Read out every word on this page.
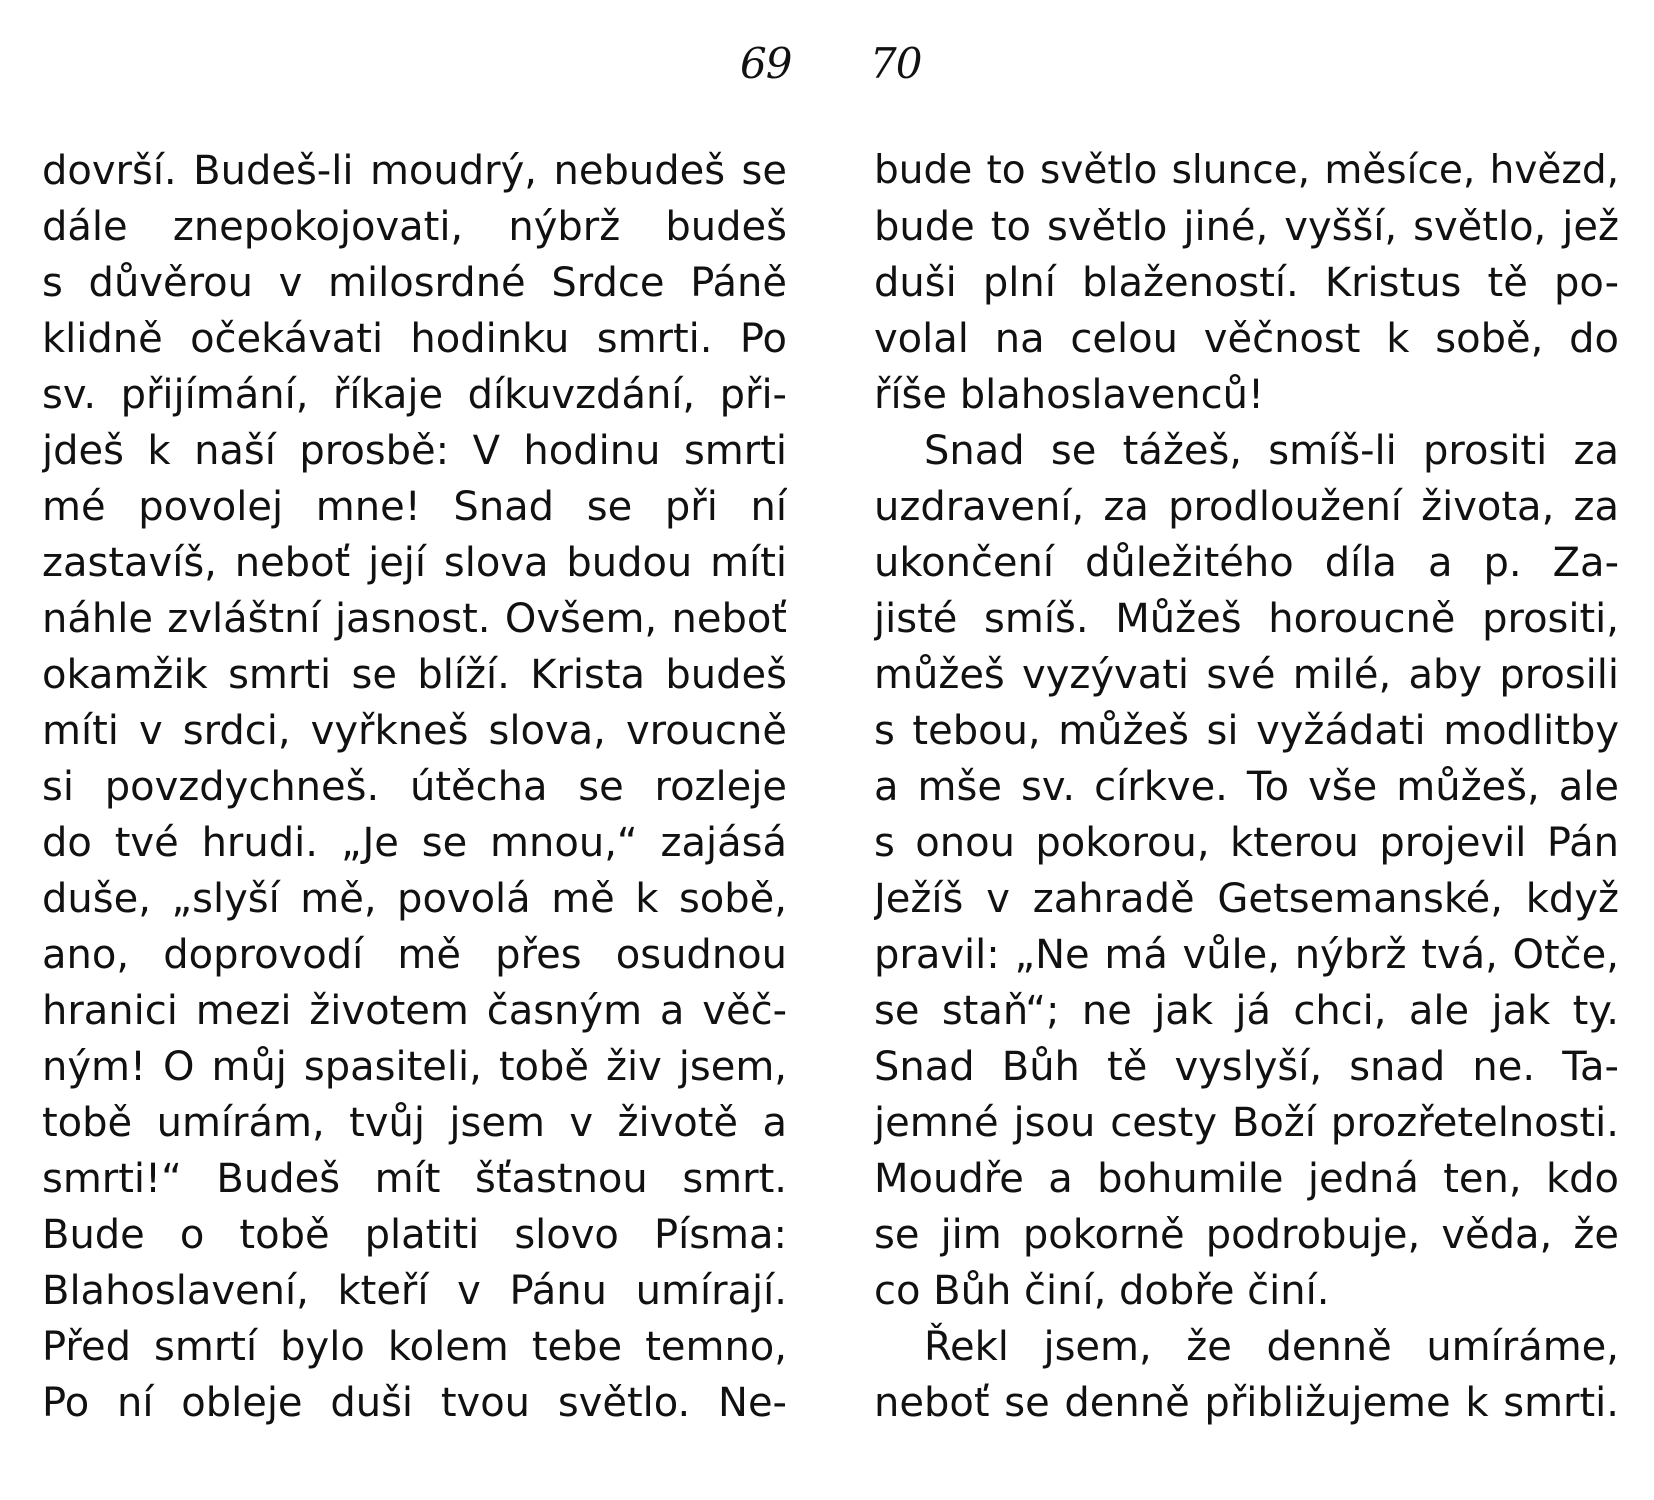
69 70
dovrší. Budeš-li moudrý, nebudeš se
dále znepokojovati, nýbrž budeš
s důvěrou v milosrdné Srdce Páně
klidně očekávati hodinku smrti. Po
sv. přijímání, říkaje díkuvzdání, při-
jdeš k naší prosbě: V hodinu smrti
mé povolej mne! Snad se při ní
zastavíš, neboť její slova budou míti
náhle zvláštní jasnost. Ovšem, neboť
okamžik smrti se blíží. Krista budeš
míti v srdci, vyřkneš slova, vroucně
si povzdychneš. útěcha se rozleje
do tvé hrudi. „Je se mnou,“ zajásá
duše, „slyší mě, povolá mě k sobě,
ano, doprovodí mě přes osudnou
hranici mezi životem časným a věč-
ným! O můj spasiteli, tobě živ jsem,
tobě umírám, tvůj jsem v životě a
smrti!“ Budeš mít šťastnou smrt.
Bude o tobě platiti slovo Písma:
Blahoslavení, kteří v Pánu umírají.
Před smrtí bylo kolem tebe temno,
Po ní obleje duši tvou světlo. Ne-
bude to světlo slunce, měsíce, hvězd,
bude to světlo jiné, vyšší, světlo, jež
duši plní blažeností. Kristus tě po-
volal na celou věčnost k sobě, do
říše blahoslavenců!
Snad se tážeš, smíš-li prositi za
uzdravení, za prodloužení života, za
ukončení důležitého díla a p. Za-
jisté smíš. Můžeš horoucně prositi,
můžeš vyzývati své milé, aby prosili
s tebou, můžeš si vyžádati modlitby
a mše sv. církve. To vše můžeš, ale
s onou pokorou, kterou projevil Pán
Ježíš v zahradě Getsemanské, když
pravil: „Ne má vůle, nýbrž tvá, Otče,
se staň“; ne jak já chci, ale jak ty.
Snad Bůh tě vyslyší, snad ne. Ta-
jemné jsou cesty Boží prozřetelnosti.
Moudře a bohumile jedná ten, kdo
se jim pokorně podrobuje, věda, že
co Bůh činí, dobře činí.
Řekl jsem, že denně umíráme,
neboť se denně přibližujeme k smrti.
